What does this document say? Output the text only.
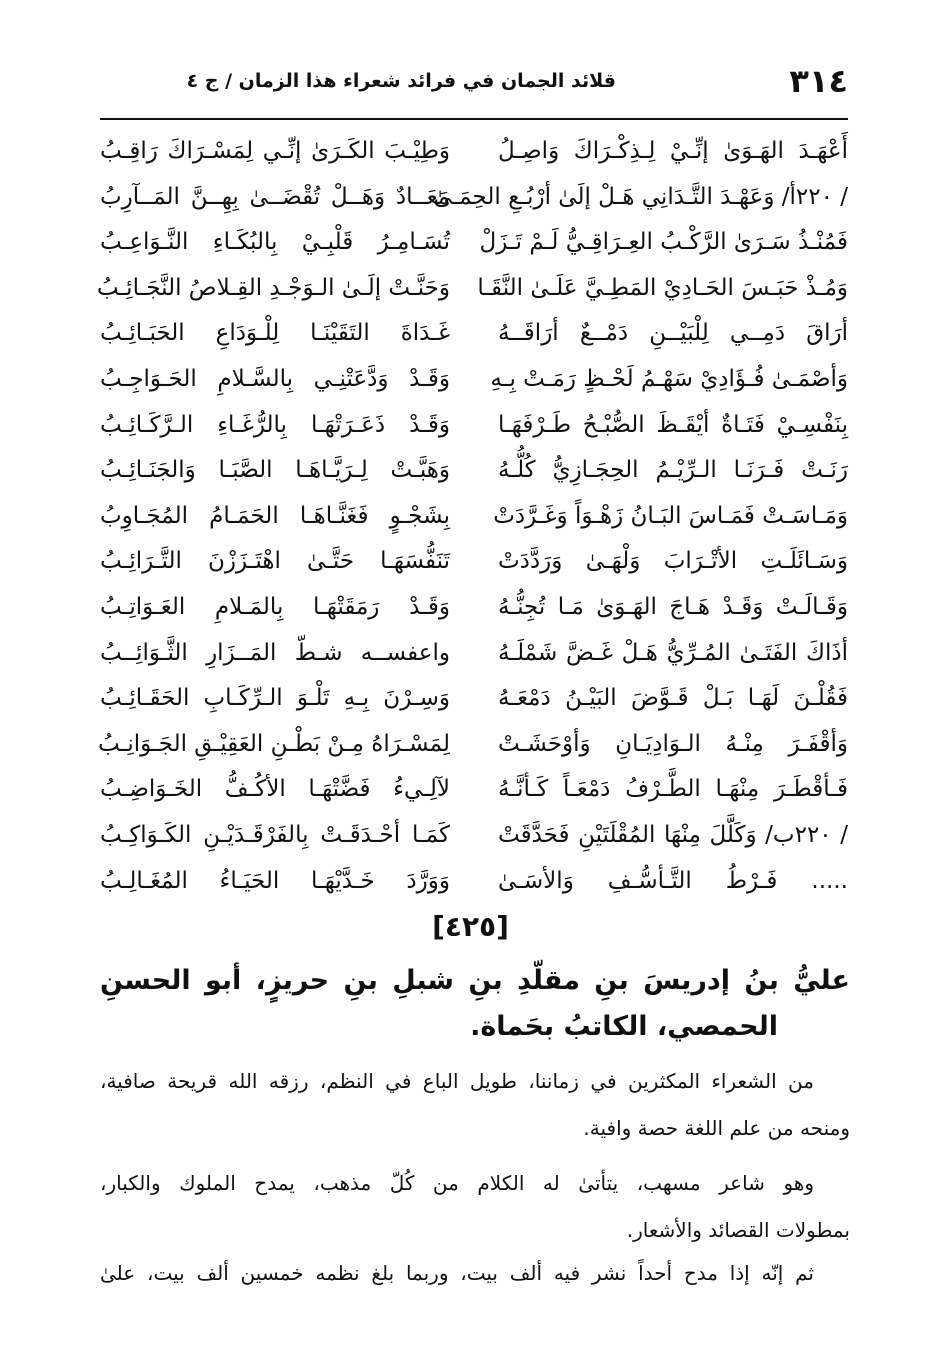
٣١٤
قلائد الجمان في فرائد شعراء هذا الزمان / ج ٤
أَعْهَـدَ الهَـوَىٰ إنِّـيْ لِـذِكْـرَاكَ وَاصِـلُ
وَطِيْـبَ الكَـرَىٰ إنِّـي لِمَسْـرَاكَ رَاقِـبُ
/ ٢٢٠أ/ وَعَهْـدَ التَّـدَانِي هَـلْ إلَىٰ أرْبُـعِ الحِمَـىٰ
مَعَــادٌ وَهَــلْ تُقْضَــىٰ بِهِــنَّ المَــآرِبُ
فَمُنْـذُ سَـرَىٰ الرَّكْـبُ العِـرَاقِـيُّ لَـمْ تَـزَلْ
تُسَـامِـرُ قَلْبِـيْ بِالبُكَـاءِ النَّـوَاعِـبُ
وَمُـذْ حَبَـسَ الحَـادِيْ المَطِـيَّ عَلَـىٰ النَّقَـا
وَحَنَّـتْ إلَـىٰ الـوَجْـدِ القِـلاصُ النَّجَـائِـبُ
أرَاقَ دَمِــي لِلْبَيْــنِ دَمْــعٌ أرَاقَــهُ
غَـدَاةَ التَقَيْنَـا لِلْـوَدَاعِ الحَبَـائِـبُ
وَأصْمَـىٰ فُـؤَادِيْ سَهْـمُ لَحْـظٍ رَمَـتْ بِـهِ
وَقَـدْ وَدَّعَتْنِـي بِالسَّـلامِ الحَـوَاجِـبُ
بِنَفْسِـيْ فَتَـاةٌ أيْقَـظَ الصُّبْـحُ طَـرْفَهَـا
وَقَـدْ ذَعَـرَتْهَـا بِالرُّغَـاءِ الـرَّكَـائِـبُ
رَنَـتْ فَـرَنَـا الـرِّيْـمُ الحِجَـازِيُّ كُلُّـهُ
وَهَبَّـتْ لِـرَيَّـاهَـا الصَّبَـا وَالجَنَـائِـبُ
وَمَـاسَـتْ فَمَـاسَ البَـانُ زَهْـوَاً وَغَـرَّدَتْ
بِشَجْـوٍ فَغَنَّـاهَـا الحَمَـامُ المُجَـاوِبُ
وَسَـائَلَـتِ الأتْـرَابَ وَلْهَـىٰ وَرَدَّدَتْ
تَنَفُّسَهَـا حَتَّـىٰ اهْتَـزَزْنَ التَّـرَائِـبُ
وَقَـالَـتْ وَقَـدْ هَـاجَ الهَـوَىٰ مَـا تُجِنُّـهُ
وَقَـدْ رَمَقَتْهَـا بِالمَـلامِ العَـوَاتِـبُ
أذَاكَ الفَتَـىٰ المُـرِّيُّ هَـلْ غَـضَّ شَمْلَـهُ
واعفســه شـطّ المَــزَارِ الثَّـوَائِــبُ
فَقُلْـنَ لَهَـا بَـلْ قَـوَّضَ البَيْـنُ دَمْعَـهُ
وَسِـرْنَ بِـهِ تَلْـوَ الـرِّكَـابِ الحَقَـائِـبُ
وَأقْفَـرَ مِنْـهُ الـوَادِيَـانِ وَأوْحَشَـتْ
لِمَسْـرَاهُ مِـنْ بَطْـنِ العَقِيْـقِ الجَـوَانِـبُ
فَـأقْطَـرَ مِنْهَـا الطَّـرْفُ دَمْعَـاً كَـأنَّـهُ
لآلِـيءُ فَضَّتْهَـا الأكُـفُّ الخَـوَاضِـبُ
/ ٢٢٠ب/ وَكَلَّلَ مِنْهَا المُقْلَتَيْنِ فَحَدَّقَتْ
كَمَـا أحْـدَقَـتْ بِالفَرْقَـدَيْـنِ الكَـوَاكِـبُ
..... فَـرْطُ التَّـأسُّـفِ وَالأسَـىٰ
وَوَرَّدَ خَـدَّيْهَـا الحَيَـاءُ المُغَـالِـبُ
[٤٢٥]
عليُّ بنُ إدريسَ بنِ مقلّدِ بنِ شبلِ بنِ حريزٍ، أبو الحسنِ
الحمصي، الكاتبُ بحَماة.
من الشعراء المكثرين في زماننا، طويل الباع في النظم، رزقه الله قريحة صافية،
ومنحه من علم اللغة حصة وافية.
وهو شاعر مسهب، يتأتىٰ له الكلام من كُلّ مذهب، يمدح الملوك والكبار،
بمطولات القصائد والأشعار.
ثم إنّه إذا مدح أحداً نشر فيه ألف بيت، وربما بلغ نظمه خمسين ألف بيت، علىٰ
